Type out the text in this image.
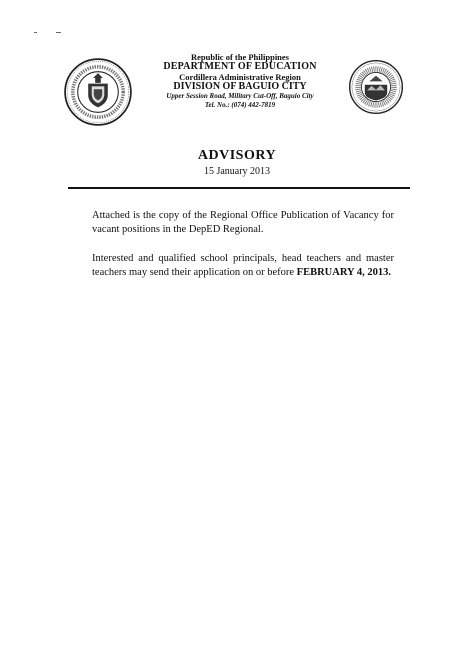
Republic of the Philippines
DEPARTMENT OF EDUCATION
Cordillera Administrative Region
DIVISION OF BAGUIO CITY
Upper Session Road, Military Cut-Off, Baguio City
Tel. No.: (074) 442-7819
ADVISORY
15 January 2013

Attached is the copy of the Regional Office Publication of Vacancy for vacant positions in the DepED Regional.

Interested and qualified school principals, head teachers and master teachers may send their application on or before FEBRUARY 4, 2013.
